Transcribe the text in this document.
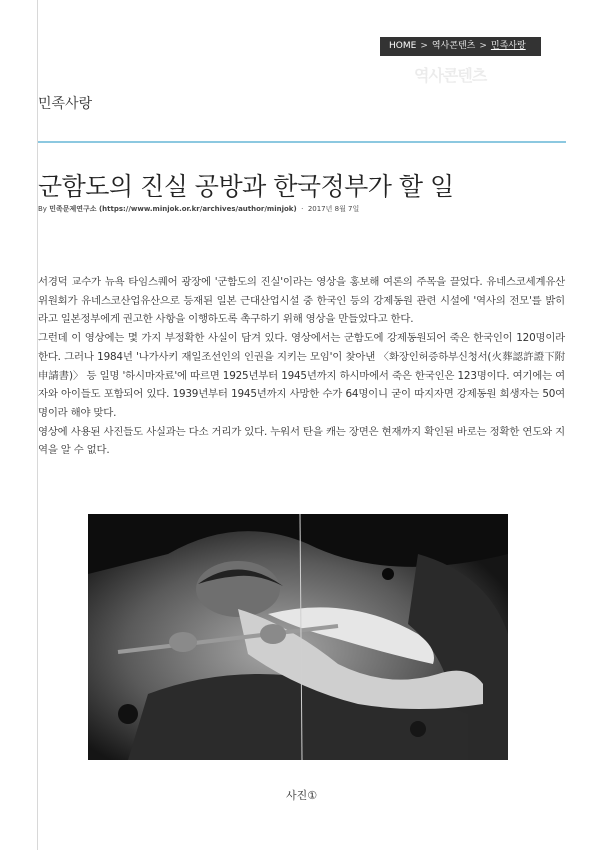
HOME > 역사콘텐츠 > 민족사랑
역사콘텐츠
민족사랑
군함도의 진실 공방과 한국정부가 할 일
By 민족문제연구소 (https://www.minjok.or.kr/archives/author/minjok) · 2017년 8월 7일

서경덕 교수가 뉴욕 타임스퀘어 광장에 '군함도의 진실'이라는 영상을 홍보해 여론의 주목을 끌었다. 유네스코세계유산위원회가 유네스코산업유산으로 등재된 일본 근대산업시설 중 한국인 등의 강제동원 관련 시설에 '역사의 전모'를 밝히라고 일본정부에게 권고한 사항을 이행하도록 촉구하기 위해 영상을 만들었다고 한다.

그런데 이 영상에는 몇 가지 부정확한 사실이 담겨 있다. 영상에서는 군함도에 강제동원되어 죽은 한국인이 120명이라 한다. 그러나 1984년 '나가사키 재일조선인의 인권을 지키는 모임'이 찾아낸 〈화장인허증하부신청서(火葬認許證下附申請書)〉 등 일명 '하시마자료'에 따르면 1925년부터 1945년까지 하시마에서 죽은 한국인은 123명이다. 여기에는 여자와 아이들도 포함되어 있다. 1939년부터 1945년까지 사망한 수가 64명이니 굳이 따지자면 강제동원 희생자는 50여 명이라 해야 맞다.

영상에 사용된 사진들도 사실과는 다소 거리가 있다. 누워서 탄을 캐는 장면은 현재까지 확인된 바로는 정확한 연도와 지역을 알 수 없다.

사진①
